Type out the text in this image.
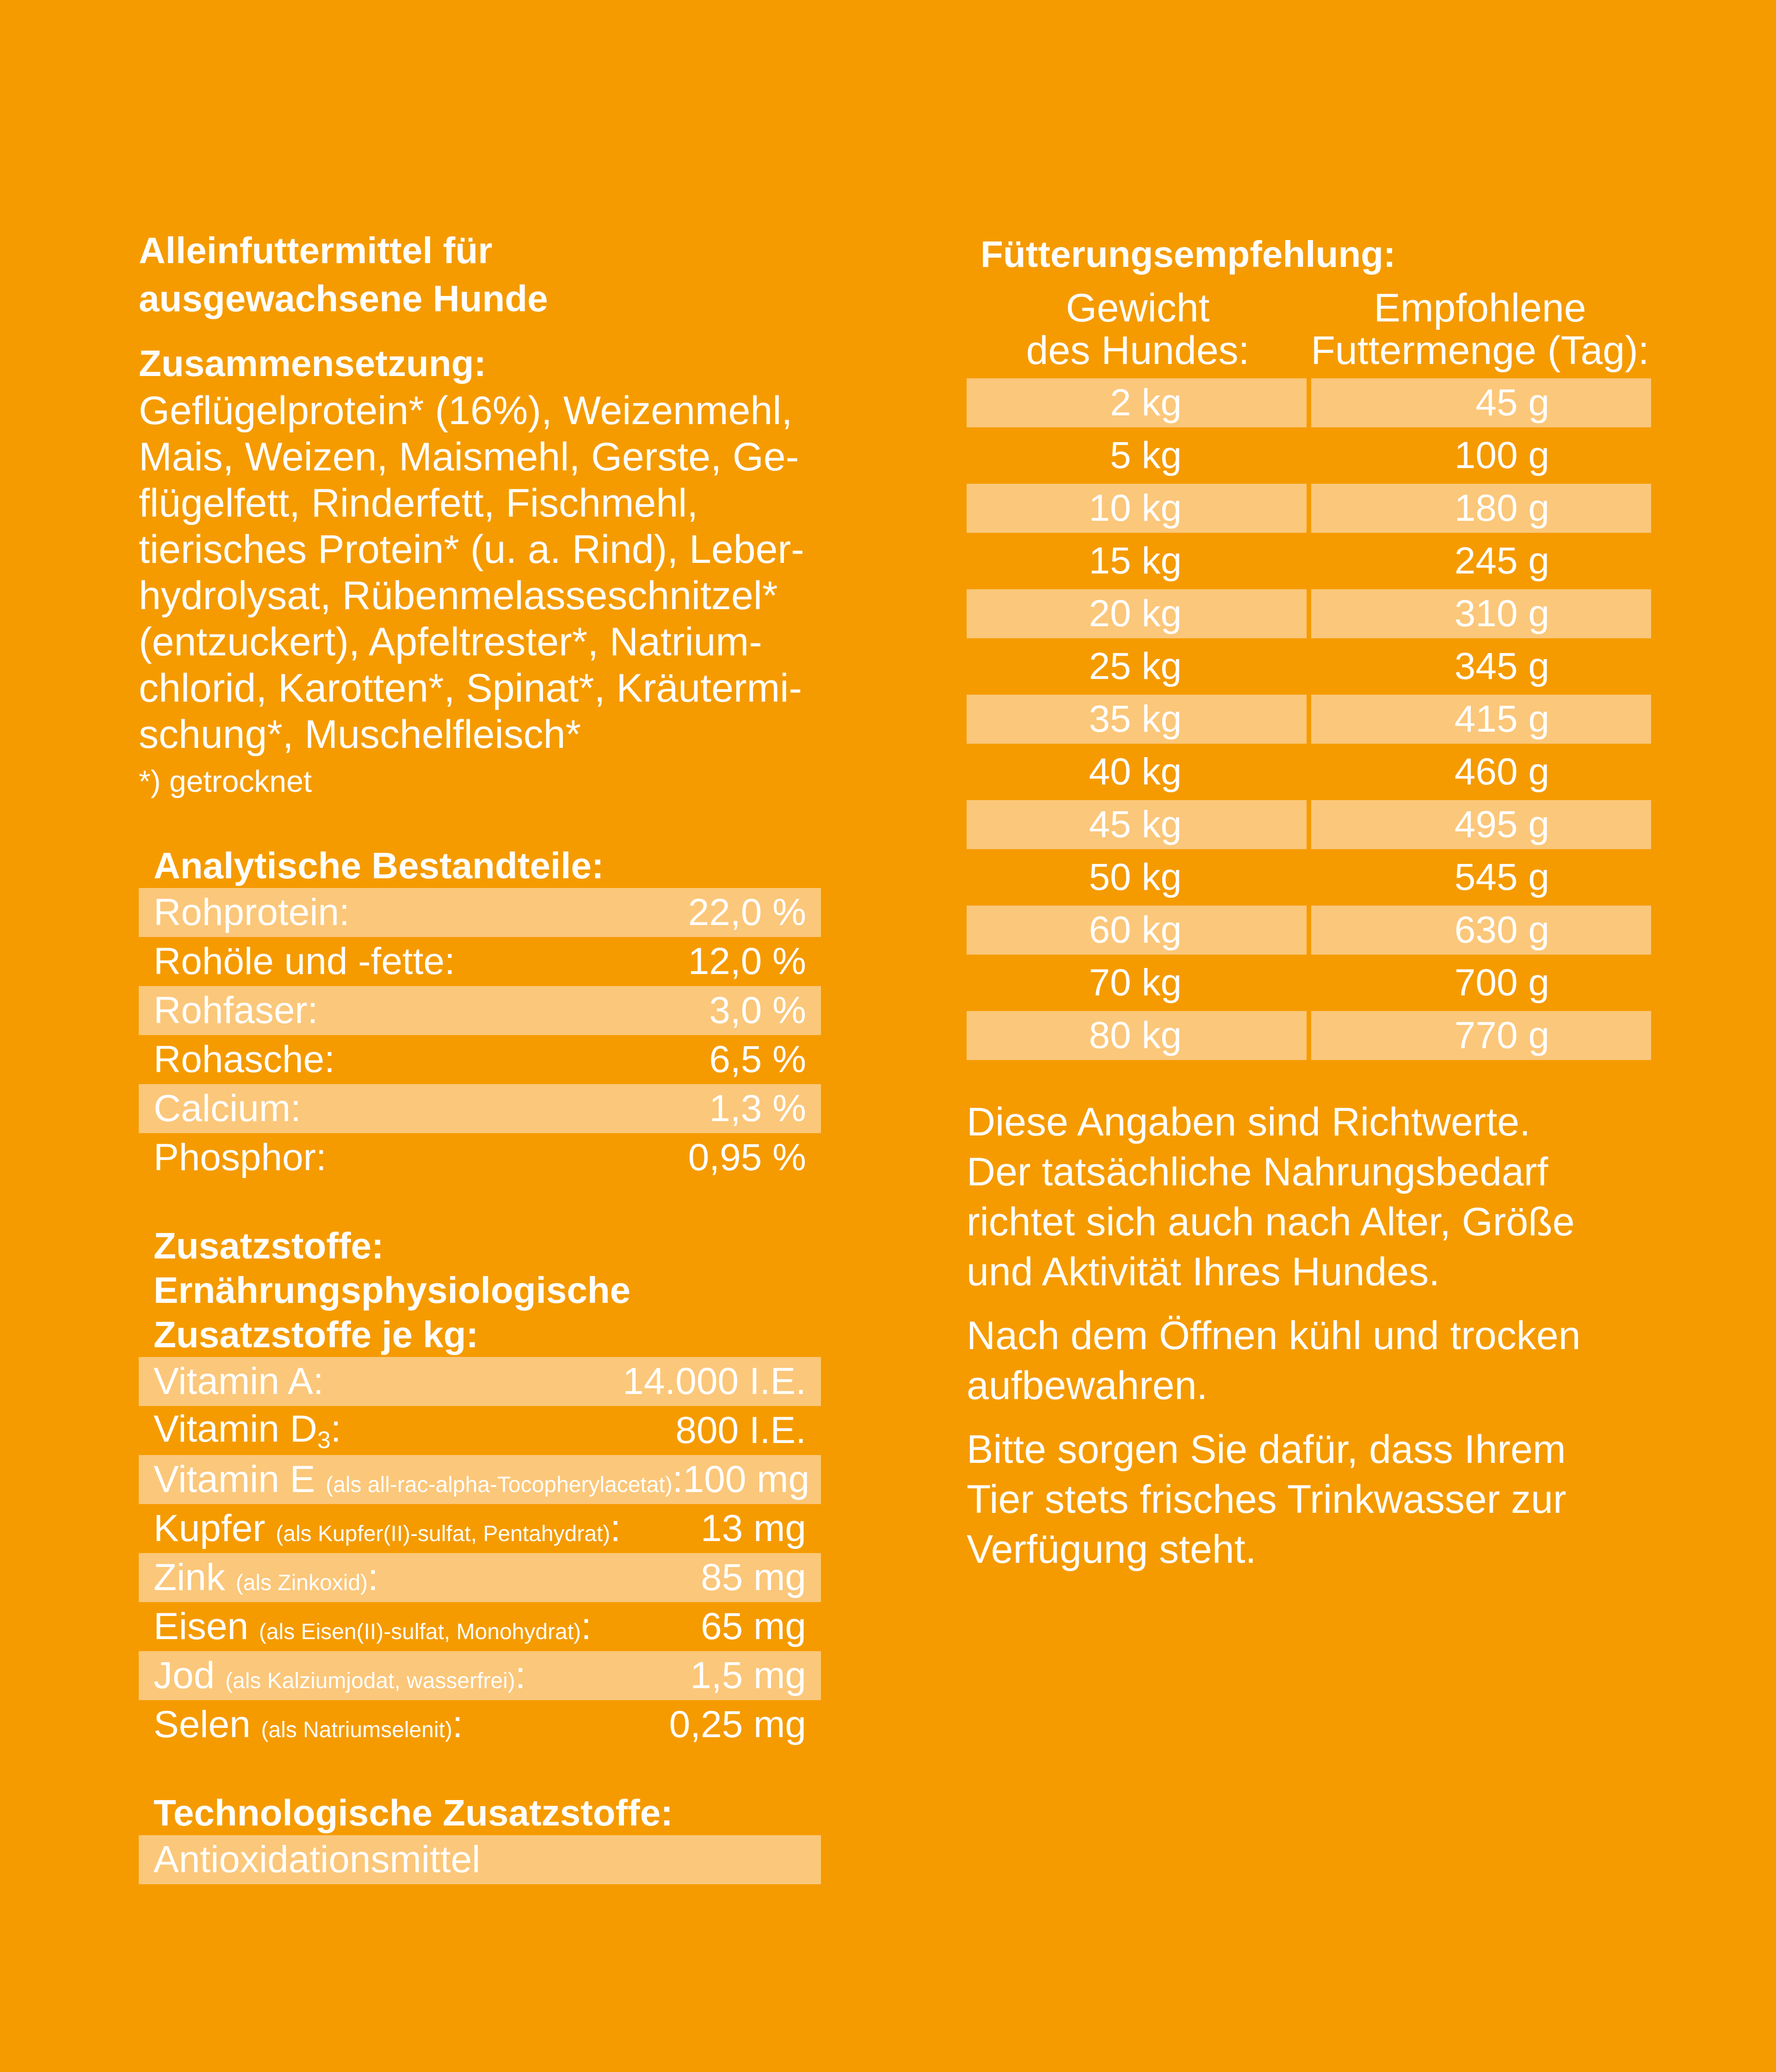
Alleinfuttermittel für
ausgewachsene Hunde

Zusammensetzung:

Geflügelprotein* (16%), Weizenmehl,
Mais, Weizen, Maismehl, Gerste, Ge-
flügelfett, Rinderfett, Fischmehl,
tierisches Protein* (u. a. Rind), Leber-
hydrolysat, Rübenmelasseschnitzel*
(entzuckert), Apfeltrester*, Natrium-
chlorid, Karotten*, Spinat*, Kräutermi-
schung*, Muschelfleisch*
*) getrocknet

Analytische Bestandteile:

Rohprotein:	22,0 %
Rohöle und -fette:	12,0 %
Rohfaser:	3,0 %
Rohasche:	6,5 %
Calcium:	1,3 %
Phosphor:	0,95 %

Zusatzstoffe:
Ernährungsphysiologische
Zusatzstoffe je kg:

Vitamin A:	14.000 I.E.
Vitamin D3:	800 I.E.
Vitamin E (als all-rac-alpha-Tocopherylacetat): 100 mg
Kupfer (als Kupfer(II)-sulfat, Pentahydrat): 13 mg
Zink (als Zinkoxid):	85 mg
Eisen (als Eisen(II)-sulfat, Monohydrat):	65 mg
Jod (als Kalziumjodat, wasserfrei):	1,5 mg
Selen (als Natriumselenit):	0,25 mg

Technologische Zusatzstoffe:

Antioxidationsmittel

Fütterungsempfehlung:

Gewicht
des Hundes:
Empfohlene
Futtermenge (Tag):
2 kg	45 g
5 kg	100 g
10 kg	180 g
15 kg	245 g
20 kg	310 g
25 kg	345 g
35 kg	415 g
40 kg	460 g
45 kg	495 g
50 kg	545 g
60 kg	630 g
70 kg	700 g
80 kg	770 g
Diese Angaben sind Richtwerte.
Der tatsächliche Nahrungsbedarf
richtet sich auch nach Alter, Größe
und Aktivität Ihres Hundes.
Nach dem Öffnen kühl und trocken
aufbewahren.
Bitte sorgen Sie dafür, dass Ihrem
Tier stets frisches Trinkwasser zur
Verfügung steht.
